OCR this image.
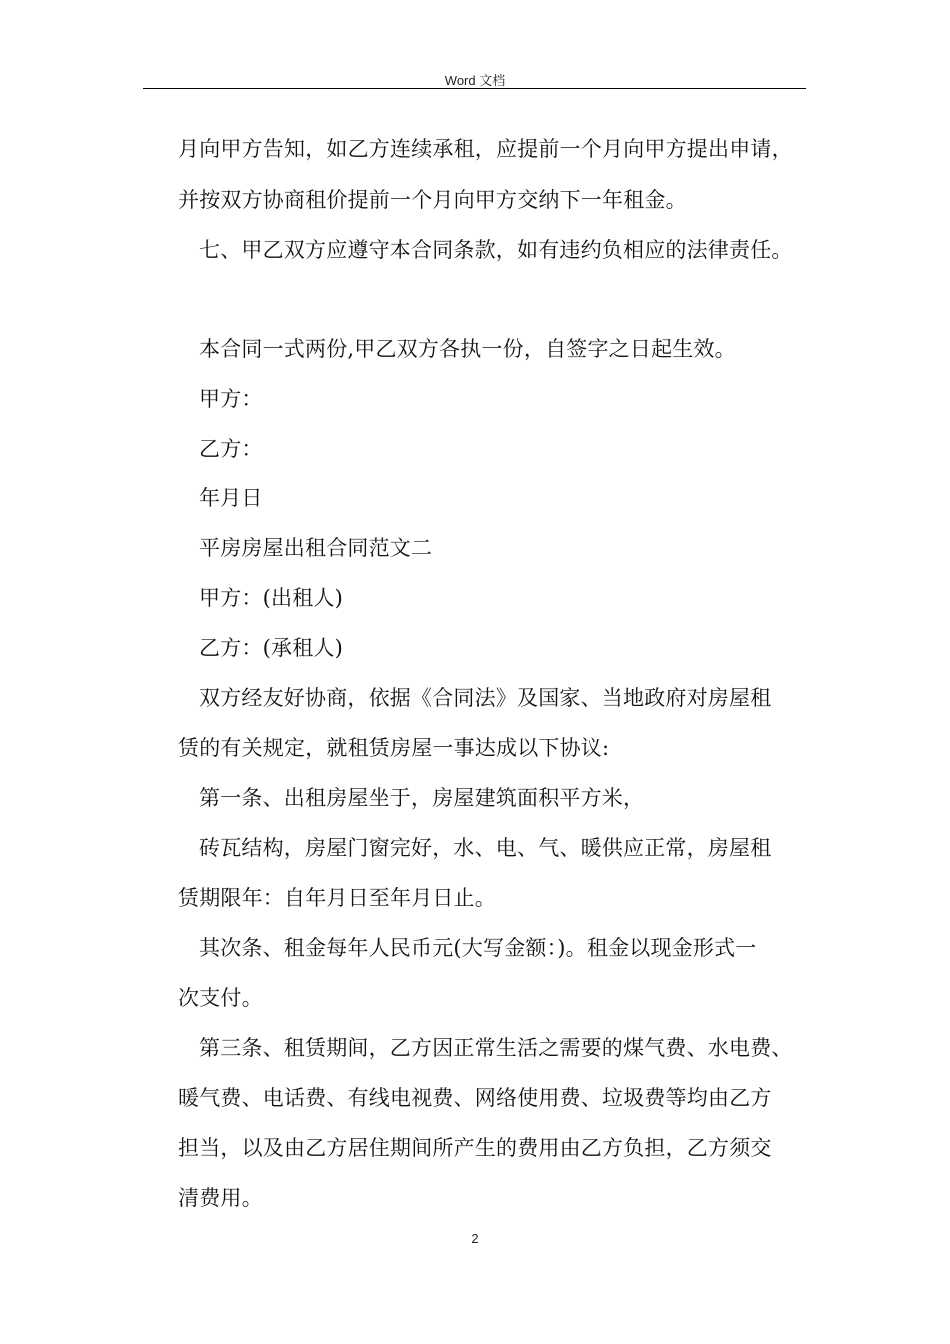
Word 文档
月向甲方告知，如乙方连续承租，应提前一个月向甲方提出申请，
并按双方协商租价提前一个月向甲方交纳下一年租金。
七、甲乙双方应遵守本合同条款，如有违约负相应的法律责任。
本合同一式两份,甲乙双方各执一份，自签字之日起生效。
甲方：
乙方：
年月日
平房房屋出租合同范文二
甲方：(出租人)
乙方：(承租人)
双方经友好协商，依据《合同法》及国家、当地政府对房屋租
赁的有关规定，就租赁房屋一事达成以下协议:
第一条、出租房屋坐于，房屋建筑面积平方米，
砖瓦结构，房屋门窗完好，水、电、气、暖供应正常，房屋租
赁期限年：自年月日至年月日止。
其次条、租金每年人民币元(大写金额：)。租金以现金形式一
次支付。
第三条、租赁期间，乙方因正常生活之需要的煤气费、水电费、
暖气费、电话费、有线电视费、网络使用费、垃圾费等均由乙方
担当，以及由乙方居住期间所产生的费用由乙方负担，乙方须交
清费用。
2
